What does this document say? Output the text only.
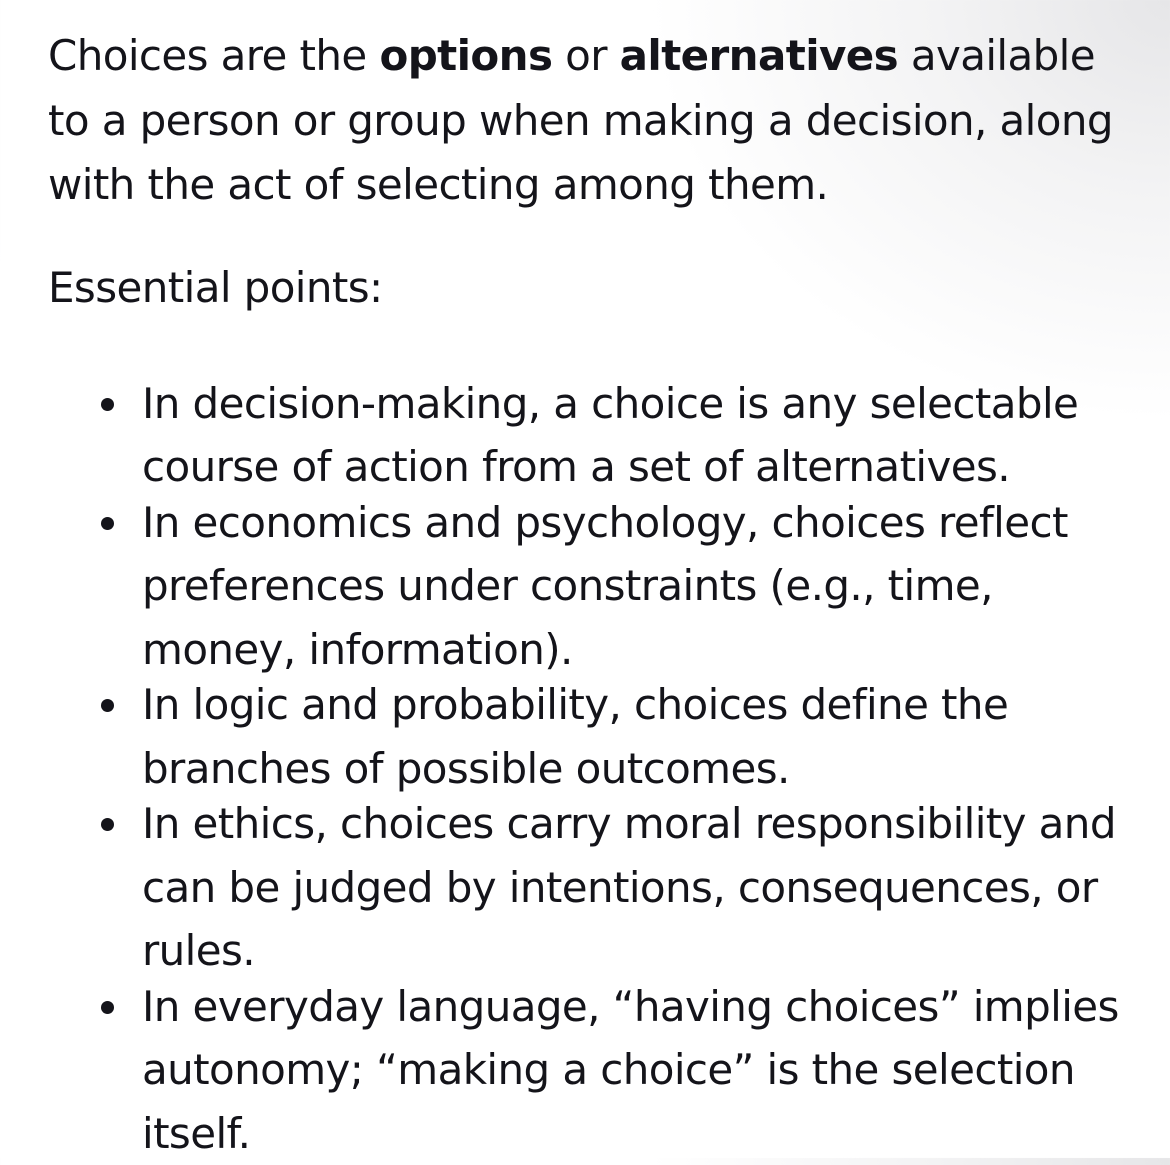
Choices are the options or alternatives available to a person or group when making a decision, along with the act of selecting among them.

Essential points:

In decision-making, a choice is any selectable course of action from a set of alternatives.
In economics and psychology, choices reflect preferences under constraints (e.g., time, money, information).
In logic and probability, choices define the branches of possible outcomes.
In ethics, choices carry moral responsibility and can be judged by intentions, consequences, or rules.
In everyday language, “having choices” implies autonomy; “making a choice” is the selection itself.
